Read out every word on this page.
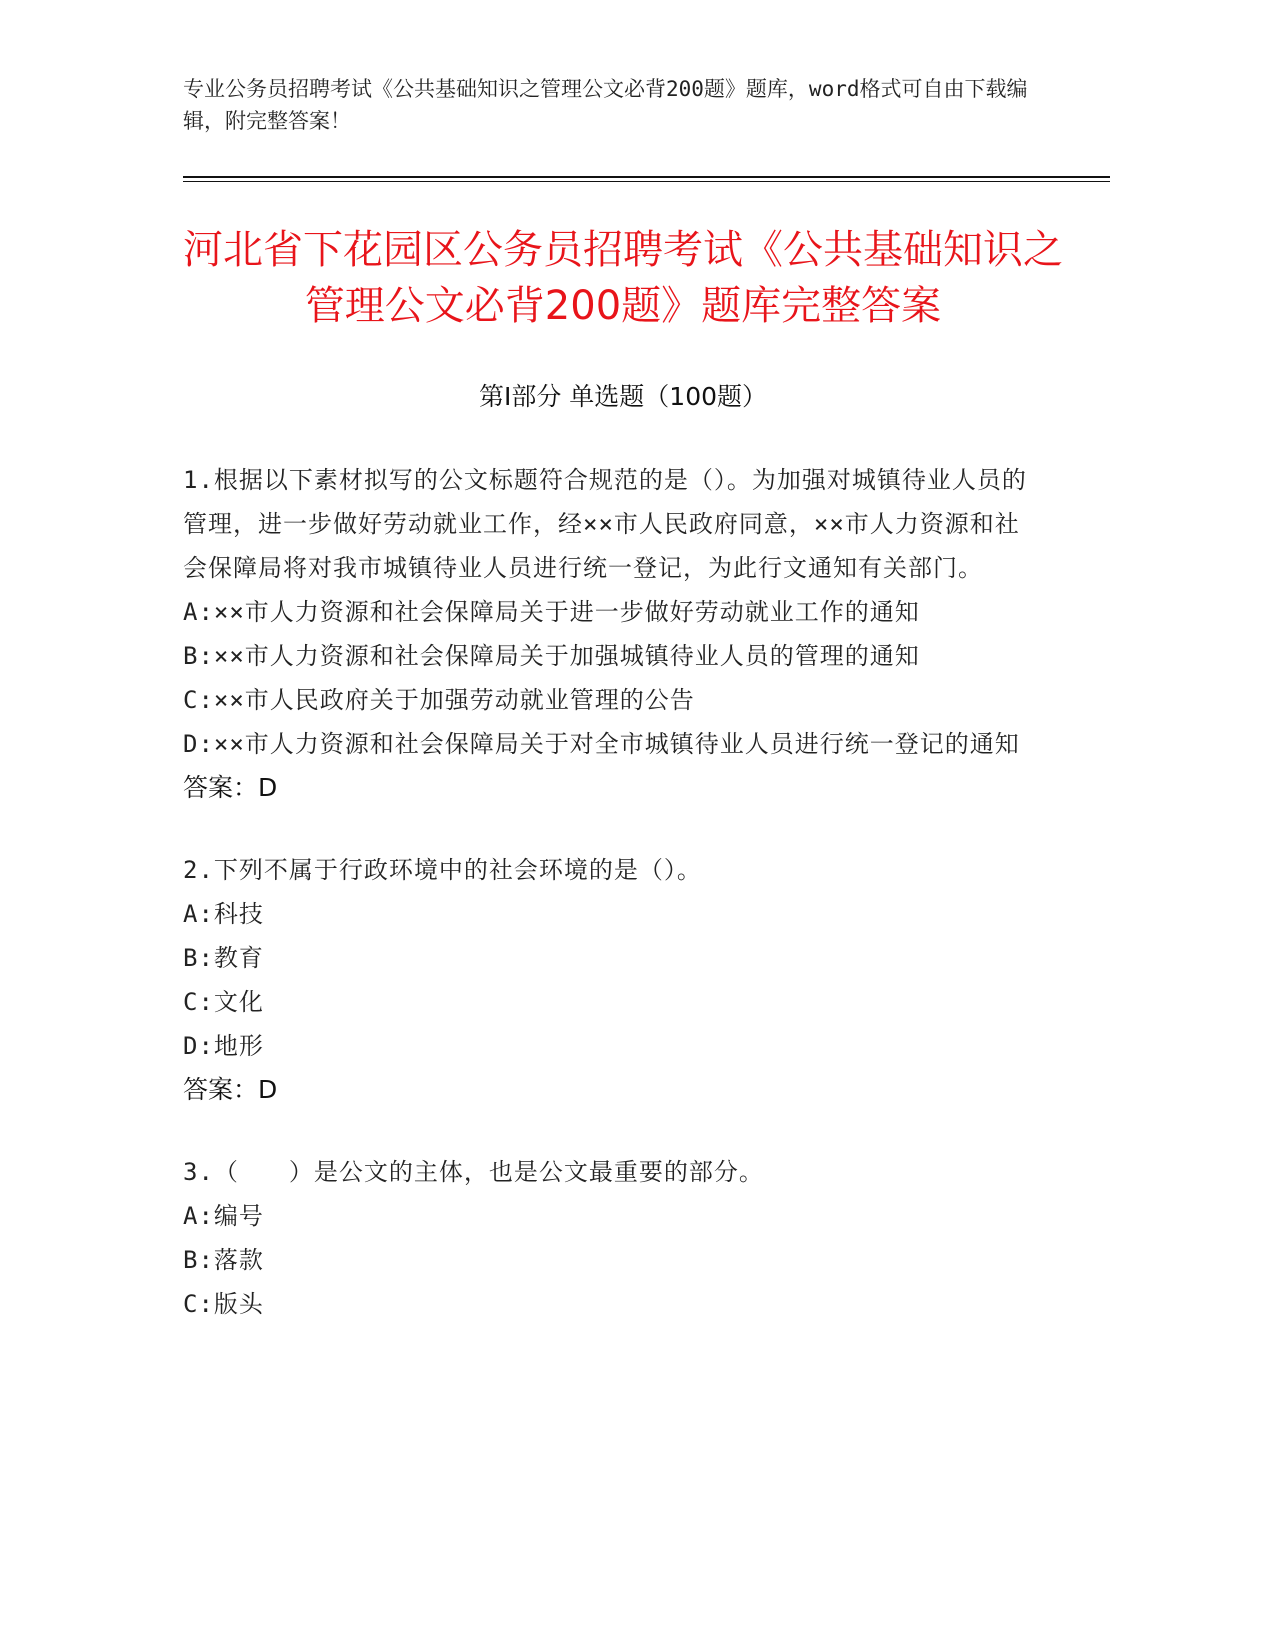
专业公务员招聘考试《公共基础知识之管理公文必背200题》题库，word格式可自由下载编辑，附完整答案！
河北省下花园区公务员招聘考试《公共基础知识之管理公文必背200题》题库完整答案
第Ⅰ部分 单选题（100题）

1.根据以下素材拟写的公文标题符合规范的是（）。为加强对城镇待业人员的管理，进一步做好劳动就业工作，经××市人民政府同意，××市人力资源和社会保障局将对我市城镇待业人员进行统一登记，为此行文通知有关部门。

A:××市人力资源和社会保障局关于进一步做好劳动就业工作的通知

B:××市人力资源和社会保障局关于加强城镇待业人员的管理的通知

C:××市人民政府关于加强劳动就业管理的公告

D:××市人力资源和社会保障局关于对全市城镇待业人员进行统一登记的通知

答案：D

2.下列不属于行政环境中的社会环境的是（）。

A:科技

B:教育

C:文化

D:地形

答案：D

3.（　　）是公文的主体，也是公文最重要的部分。

A:编号

B:落款

C:版头
